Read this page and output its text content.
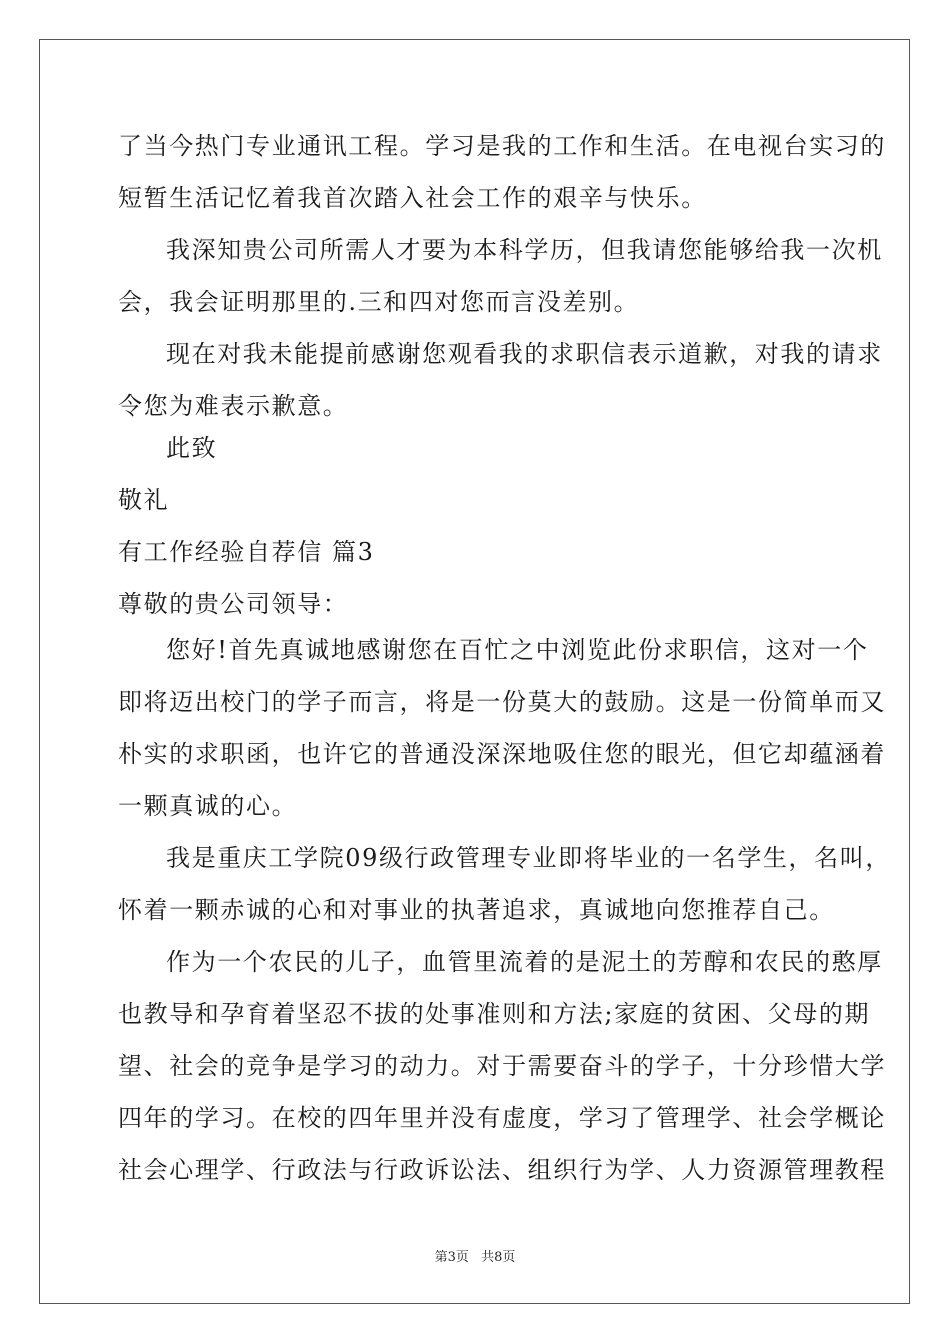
了当今热门专业通讯工程。学习是我的工作和生活。在电视台实习的
短暂生活记忆着我首次踏入社会工作的艰辛与快乐。
我深知贵公司所需人才要为本科学历，但我请您能够给我一次机
会，我会证明那里的.三和四对您而言没差别。
现在对我未能提前感谢您观看我的求职信表示道歉，对我的请求
令您为难表示歉意。
此致
敬礼
有工作经验自荐信 篇3
尊敬的贵公司领导：
您好!首先真诚地感谢您在百忙之中浏览此份求职信，这对一个
即将迈出校门的学子而言，将是一份莫大的鼓励。这是一份简单而又
朴实的求职函，也许它的普通没深深地吸住您的眼光，但它却蕴涵着
一颗真诚的心。
我是重庆工学院09级行政管理专业即将毕业的一名学生，名叫，
怀着一颗赤诚的心和对事业的执著追求，真诚地向您推荐自己。
作为一个农民的儿子，血管里流着的是泥土的芳醇和农民的憨厚
也教导和孕育着坚忍不拔的处事准则和方法;家庭的贫困、父母的期
望、社会的竞争是学习的动力。对于需要奋斗的学子，十分珍惜大学
四年的学习。在校的四年里并没有虚度，学习了管理学、社会学概论
社会心理学、行政法与行政诉讼法、组织行为学、人力资源管理教程
第3页 共8页
